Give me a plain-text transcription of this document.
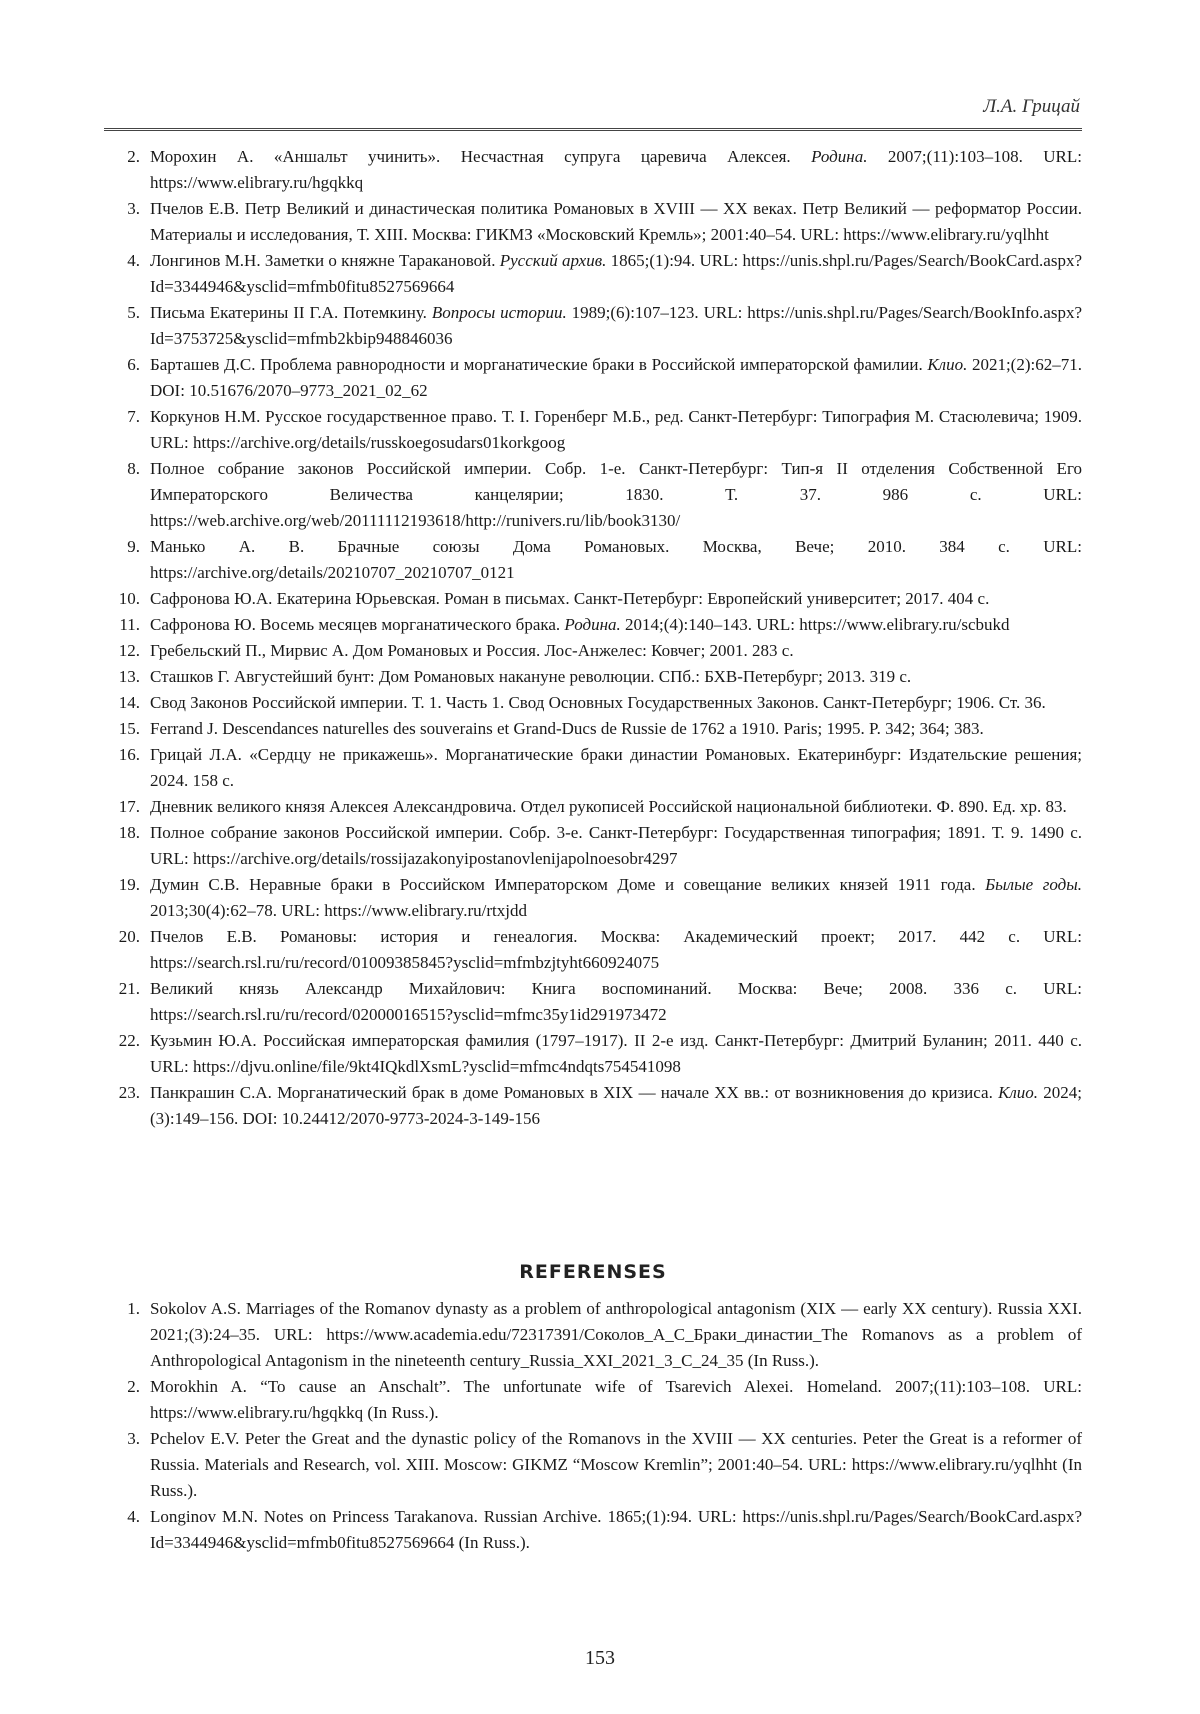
Л.А. Грицай
2. Морохин А. «Аншальт учинить». Несчастная супруга царевича Алексея. Родина. 2007;(11):103–108. URL: https://www.elibrary.ru/hgqkkq
3. Пчелов Е.В. Петр Великий и династическая политика Романовых в XVIII — XX веках. Петр Великий — реформатор России. Материалы и исследования, Т. XIII. Москва: ГИКМЗ «Московский Кремль»; 2001:40–54. URL: https://www.elibrary.ru/yqlhht
4. Лонгинов М.Н. Заметки о княжне Таракановой. Русский архив. 1865;(1):94. URL: https://unis.shpl.ru/Pages/Search/BookCard.aspx? Id=3344946&ysclid=mfmb0fitu8527569664
5. Письма Екатерины II Г.А. Потемкину. Вопросы истории. 1989;(6):107–123. URL: https://unis.shpl.ru/Pages/Search/BookInfo.aspx? Id=3753725&ysclid=mfmb2kbip948846036
6. Барташев Д.С. Проблема равнородности и морганатические браки в Российской императорской фамилии. Клио. 2021;(2):62–71. DOI: 10.51676/2070–9773_2021_02_62
7. Коркунов Н.М. Русское государственное право. Т. I. Горенберг М.Б., ред. Санкт-Петербург: Типография М. Стасюлевича; 1909. URL: https://archive.org/details/russkoegosudars01korkgoog
8. Полное собрание законов Российской империи. Собр. 1-е. Санкт-Петербург: Тип-я II отделения Собственной Его Императорского Величества канцелярии; 1830. Т. 37. 986 с. URL: https://web.archive.org/web/20111112193618/http://runivers.ru/lib/book3130/
9. Манько А. В. Брачные союзы Дома Романовых. Москва, Вече; 2010. 384 с. URL: https://archive.org/details/20210707_20210707_0121
10. Сафронова Ю.А. Екатерина Юрьевская. Роман в письмах. Санкт-Петербург: Европейский университет; 2017. 404 с.
11. Сафронова Ю. Восемь месяцев морганатического брака. Родина. 2014;(4):140–143. URL: https://www.elibrary.ru/scbukd
12. Гребельский П., Мирвис А. Дом Романовых и Россия. Лос-Анжелес: Ковчег; 2001. 283 с.
13. Сташков Г. Августейший бунт: Дом Романовых накануне революции. СПб.: БХВ-Петербург; 2013. 319 с.
14. Свод Законов Российской империи. Т. 1. Часть 1. Свод Основных Государственных Законов. Санкт-Петербург; 1906. Ст. 36.
15. Ferrand J. Descendances naturelles des souverains et Grand-Ducs de Russie de 1762 a 1910. Paris; 1995. P. 342; 364; 383.
16. Грицай Л.А. «Сердцу не прикажешь». Морганатические браки династии Романовых. Екатеринбург: Издательские решения; 2024. 158 с.
17. Дневник великого князя Алексея Александровича. Отдел рукописей Российской национальной библиотеки. Ф. 890. Ед. хр. 83.
18. Полное собрание законов Российской империи. Собр. 3-е. Санкт-Петербург: Государственная типография; 1891. Т. 9. 1490 с. URL: https://archive.org/details/rossijazakonyipostanovlenijapolnoesobr4297
19. Думин С.В. Неравные браки в Российском Императорском Доме и совещание великих князей 1911 года. Былые годы. 2013;30(4):62–78. URL: https://www.elibrary.ru/rtxjdd
20. Пчелов Е.В. Романовы: история и генеалогия. Москва: Академический проект; 2017. 442 с. URL: https://search.rsl.ru/ru/record/01009385845?ysclid=mfmbzjtyht660924075
21. Великий князь Александр Михайлович: Книга воспоминаний. Москва: Вече; 2008. 336 с. URL: https://search.rsl.ru/ru/record/02000016515?ysclid=mfmc35y1id291973472
22. Кузьмин Ю.А. Российская императорская фамилия (1797–1917). II 2-е изд. Санкт-Петербург: Дмитрий Буланин; 2011. 440 с. URL: https://djvu.online/file/9kt4IQkdlXsmL?ysclid=mfmc4ndqts754541098
23. Панкрашин С.А. Морганатический брак в доме Романовых в XIX — начале XX вв.: от возникновения до кризиса. Клио. 2024;(3):149–156. DOI: 10.24412/2070-9773-2024-3-149-156
REFERENSES
1. Sokolov A.S. Marriages of the Romanov dynasty as a problem of anthropological antagonism (XIX — early XX century). Russia XXI. 2021;(3):24–35. URL: https://www.academia.edu/72317391/Соколов_А_С_Браки_династии_The Romanovs as a problem of Anthropological Antagonism in the nineteenth century_Russia_XXI_2021_3_C_24_35 (In Russ.).
2. Morokhin A. “To cause an Anschalt”. The unfortunate wife of Tsarevich Alexei. Homeland. 2007;(11):103–108. URL: https://www.elibrary.ru/hgqkkq (In Russ.).
3. Pchelov E.V. Peter the Great and the dynastic policy of the Romanovs in the XVIII — XX centuries. Peter the Great is a reformer of Russia. Materials and Research, vol. XIII. Moscow: GIKMZ “Moscow Kremlin”; 2001:40–54. URL: https://www.elibrary.ru/yqlhht (In Russ.).
4. Longinov M.N. Notes on Princess Tarakanova. Russian Archive. 1865;(1):94. URL: https://unis.shpl.ru/Pages/Search/BookCard.aspx? Id=3344946&ysclid=mfmb0fitu8527569664 (In Russ.).
153
